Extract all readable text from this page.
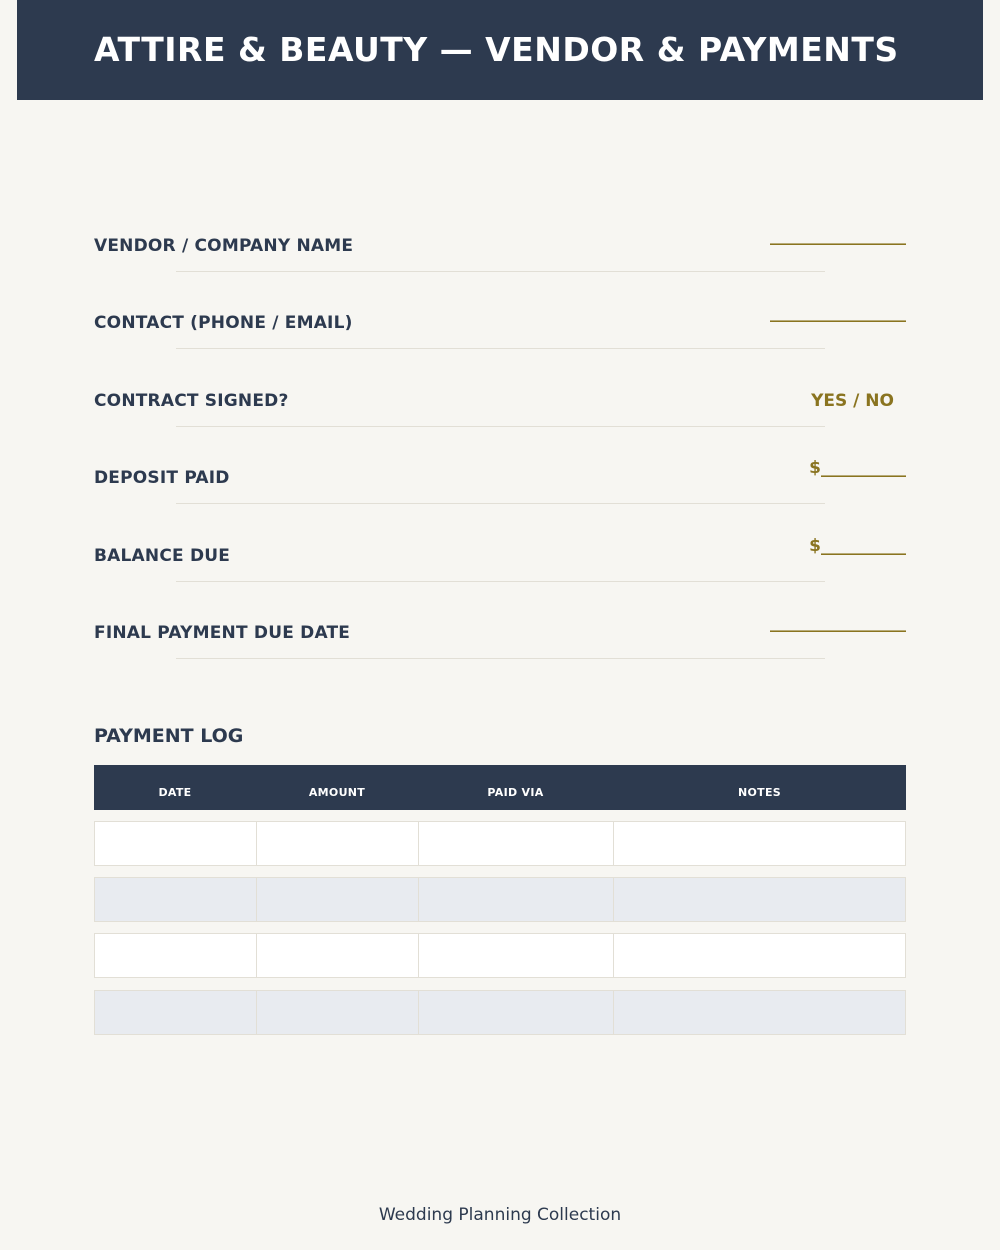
ATTIRE & BEAUTY — VENDOR & PAYMENTS
VENDOR / COMPANY NAME	________________
CONTACT (PHONE / EMAIL)	________________
CONTRACT SIGNED?	YES / NO
DEPOSIT PAID	$__________
BALANCE DUE	$__________
FINAL PAYMENT DUE DATE	________________
PAYMENT LOG
DATE	AMOUNT	PAID VIA	NOTES
Wedding Planning Collection
